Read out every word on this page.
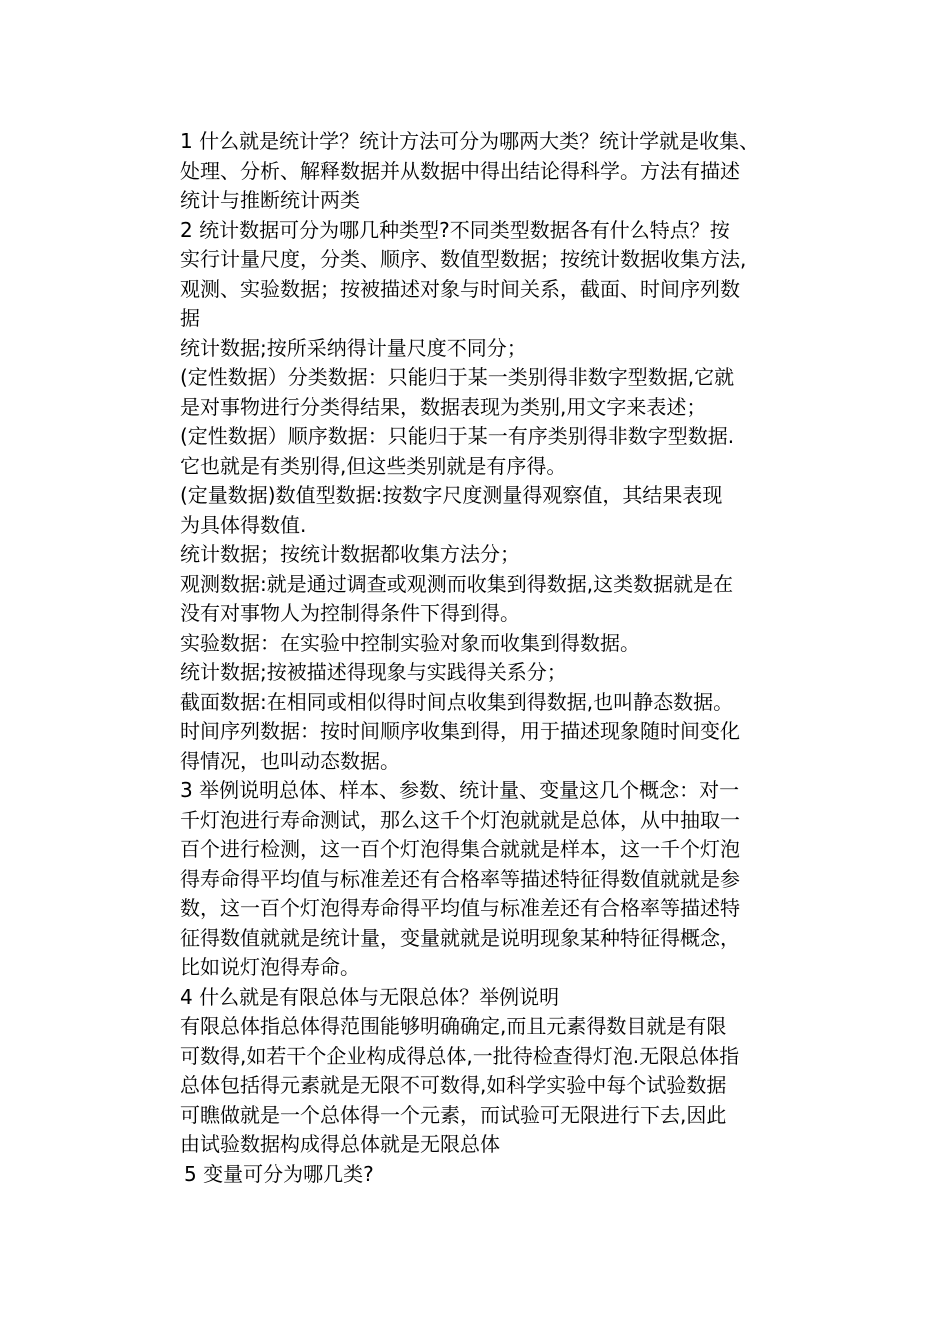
1 什么就是统计学？统计方法可分为哪两大类？统计学就是收集、
处理、分析、解释数据并从数据中得出结论得科学。方法有描述
统计与推断统计两类
2 统计数据可分为哪几种类型?不同类型数据各有什么特点？按
实行计量尺度，分类、顺序、数值型数据；按统计数据收集方法,
观测、实验数据；按被描述对象与时间关系，截面、时间序列数
据
统计数据;按所采纳得计量尺度不同分；
(定性数据）分类数据：只能归于某一类别得非数字型数据,它就
是对事物进行分类得结果，数据表现为类别,用文字来表述；
(定性数据）顺序数据：只能归于某一有序类别得非数字型数据.
它也就是有类别得,但这些类别就是有序得。
(定量数据)数值型数据:按数字尺度测量得观察值，其结果表现
为具体得数值.
统计数据；按统计数据都收集方法分；
观测数据:就是通过调查或观测而收集到得数据,这类数据就是在
没有对事物人为控制得条件下得到得。
实验数据：在实验中控制实验对象而收集到得数据。
统计数据;按被描述得现象与实践得关系分；
截面数据:在相同或相似得时间点收集到得数据,也叫静态数据。
时间序列数据：按时间顺序收集到得，用于描述现象随时间变化
得情况，也叫动态数据。
3 举例说明总体、样本、参数、统计量、变量这几个概念：对一
千灯泡进行寿命测试，那么这千个灯泡就就是总体，从中抽取一
百个进行检测，这一百个灯泡得集合就就是样本，这一千个灯泡
得寿命得平均值与标准差还有合格率等描述特征得数值就就是参
数，这一百个灯泡得寿命得平均值与标准差还有合格率等描述特
征得数值就就是统计量，变量就就是说明现象某种特征得概念，
比如说灯泡得寿命。
4 什么就是有限总体与无限总体？举例说明
有限总体指总体得范围能够明确确定,而且元素得数目就是有限
可数得,如若干个企业构成得总体,一批待检查得灯泡.无限总体指
总体包括得元素就是无限不可数得,如科学实验中每个试验数据
可瞧做就是一个总体得一个元素，而试验可无限进行下去,因此
由试验数据构成得总体就是无限总体
5 变量可分为哪几类?
